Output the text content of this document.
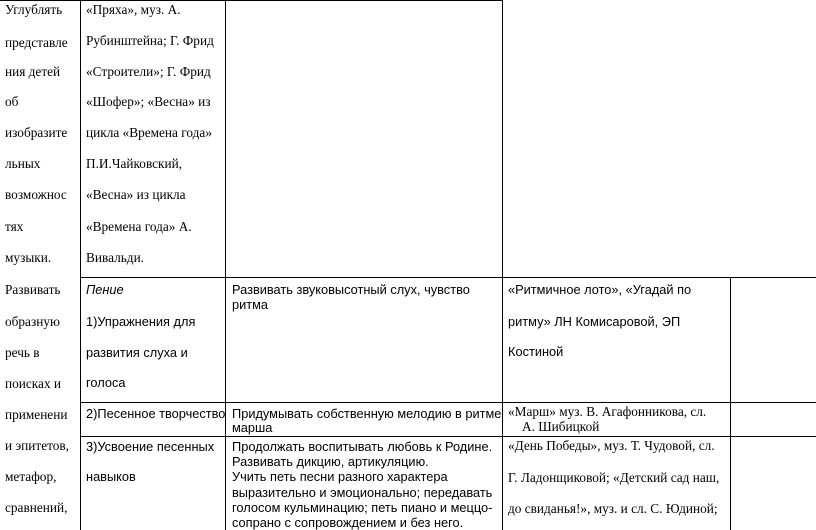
Углублять
представле
ния детей
об
изобразите
льных
возможнос
тях
музыки.
Развивать
образную
речь в
поисках и
применени
и эпитетов,
метафор,
сравнений,
«Пряха», муз. А.
Рубинштейна; Г. Фрид
«Строители»; Г. Фрид
«Шофер»; «Весна» из
цикла «Времена года»
П.И.Чайковский,
«Весна» из цикла
«Времена года» А.
Вивальди.
Пение
1)Упражнения для
развития слуха и
голоса
Развивать звуковысотный слух, чувство
ритма
«Ритмичное лото», «Угадай по
ритму» ЛН Комисаровой, ЭП
Костиной
2)Песенное творчество Придумывать собственную мелодию в ритме
марша
«Марш» муз. В. Агафонникова, сл.
А. Шибицкой
3)Усвоение песенных
навыков
Продолжать воспитывать любовь к Родине.
Развивать дикцию, артикуляцию.
Учить петь песни разного характера
выразительно и эмоционально; передавать
голосом кульминацию; петь пиано и меццо-
сопрано с сопровождением и без него.
«День Победы», муз. Т. Чудовой, сл.
Г. Ладонщиковой; «Детский сад наш,
до свиданья!», муз. и сл. С. Юдиной;
